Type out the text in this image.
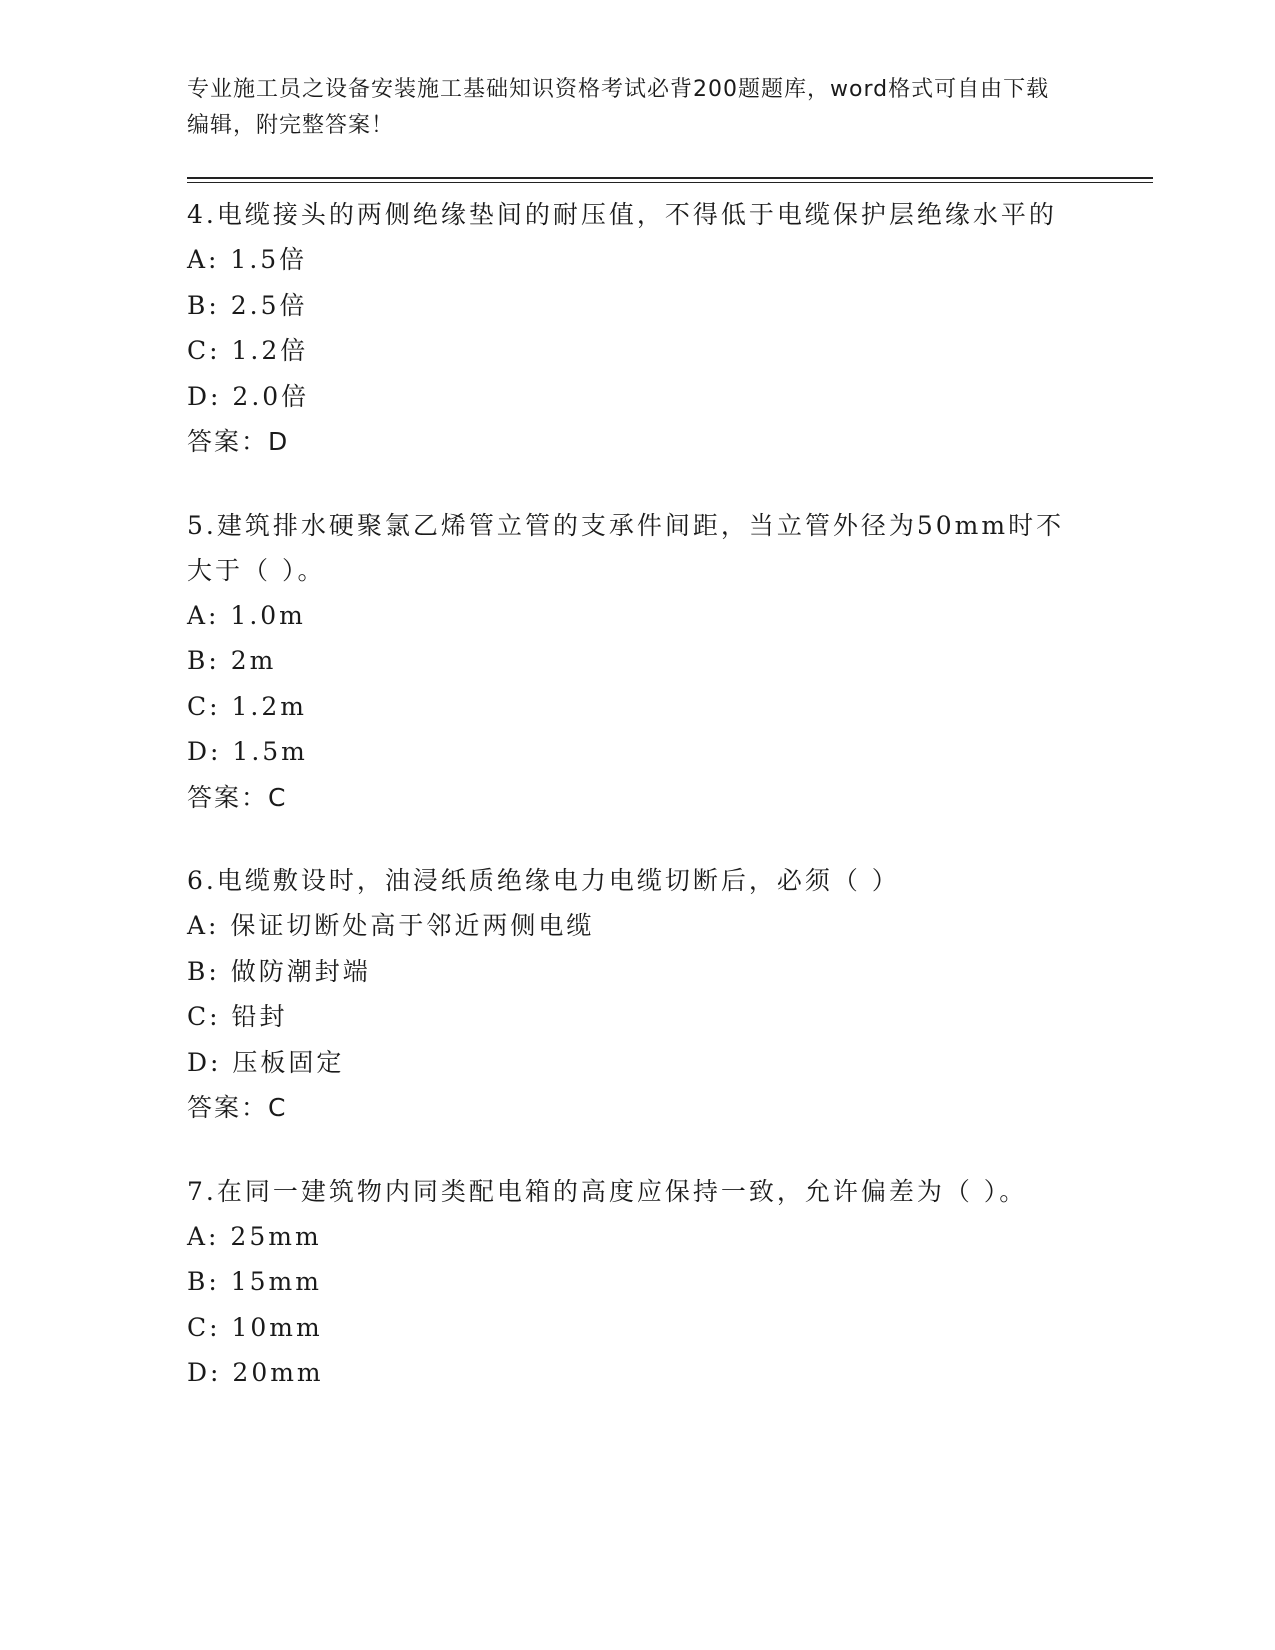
专业施工员之设备安装施工基础知识资格考试必背200题题库，word格式可自由下载编辑，附完整答案！

4.电缆接头的两侧绝缘垫间的耐压值，不得低于电缆保护层绝缘水平的

A: 1.5倍
B: 2.5倍
C: 1.2倍
D: 2.0倍
答案：D

5.建筑排水硬聚氯乙烯管立管的支承件间距，当立管外径为50mm时不大于（ ）。

A: 1.0m
B: 2m
C: 1.2m
D: 1.5m
答案：C

6.电缆敷设时，油浸纸质绝缘电力电缆切断后，必须（ ）

A: 保证切断处高于邻近两侧电缆
B: 做防潮封端
C: 铅封
D: 压板固定
答案：C

7.在同一建筑物内同类配电箱的高度应保持一致，允许偏差为（ ）。

A: 25mm
B: 15mm
C: 10mm
D: 20mm
